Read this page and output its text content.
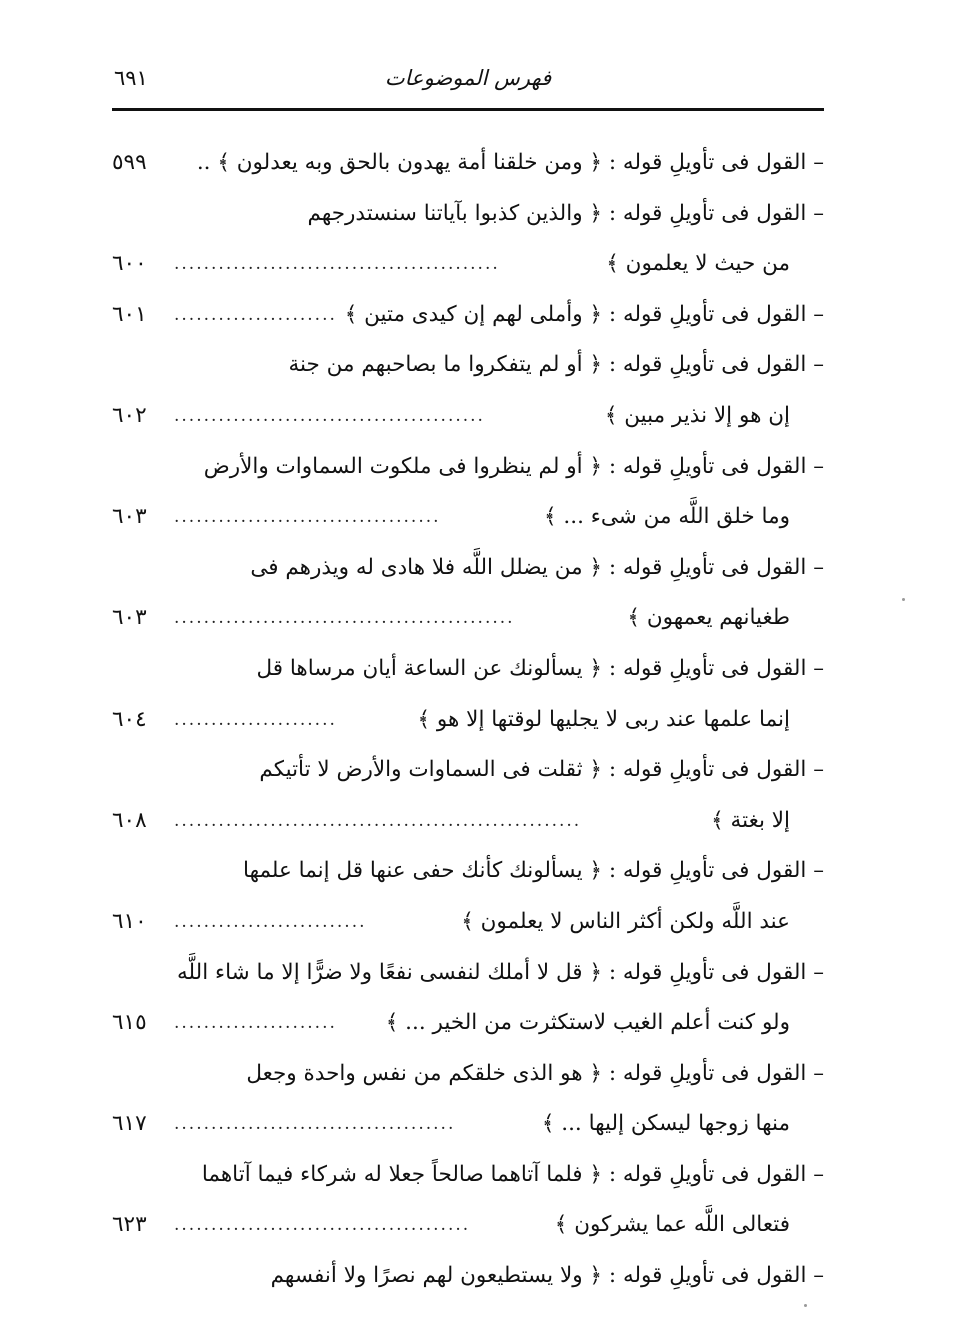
فهرس الموضوعات
٦٩١
– القول فى تأويلِ قوله : ﴿ ومن خلقنا أمة يهدون بالحق وبه يعدلون ﴾ ..
٥٩٩
– القول فى تأويلِ قوله : ﴿ والذين كذبوا بآياتنا سنستدرجهم
من حيث لا يعلمون ﴾
............................................
٦٠٠
– القول فى تأويلِ قوله : ﴿ وأملى لهم إن كيدى متين ﴾
......................
٦٠١
– القول فى تأويلِ قوله : ﴿ أو لم يتفكروا ما بصاحبهم من جنة
إن هو إلا نذير مبين ﴾
..........................................
٦٠٢
– القول فى تأويلِ قوله : ﴿ أو لم ينظروا فى ملكوت السماوات والأرض
وما خلق اللَّه من شىء ... ﴾
....................................
٦٠٣
– القول فى تأويلِ قوله : ﴿ من يضلل اللَّه فلا هادى له ويذرهم فى
طغيانهم يعمهون ﴾
..............................................
٦٠٣
– القول فى تأويلِ قوله : ﴿ يسألونك عن الساعة أيان مرساها قل
إنما علمها عند ربى لا يجليها لوقتها إلا هو ﴾
......................
٦٠٤
– القول فى تأويلِ قوله : ﴿ ثقلت فى السماوات والأرض لا تأتيكم
إلا بغتة ﴾
.......................................................
٦٠٨
– القول فى تأويلِ قوله : ﴿ يسألونك كأنك حفى عنها قل إنما علمها
عند اللَّه ولكن أكثر الناس لا يعلمون ﴾
..........................
٦١٠
– القول فى تأويلِ قوله : ﴿ قل لا أملك لنفسى نفعًا ولا ضرًّا إلا ما شاء اللَّه
ولو كنت أعلم الغيب لاستكثرت من الخير ... ﴾
......................
٦١٥
– القول فى تأويلِ قوله : ﴿ هو الذى خلقكم من نفس واحدة وجعل
منها زوجها ليسكن إليها ... ﴾
......................................
٦١٧
– القول فى تأويلِ قوله : ﴿ فلما آتاهما صالحاً جعلا له شركاء فيما آتاهما
فتعالى اللَّه عما يشركون ﴾
........................................
٦٢٣
– القول فى تأويلِ قوله : ﴿ ولا يستطيعون لهم نصرًا ولا أنفسهم
